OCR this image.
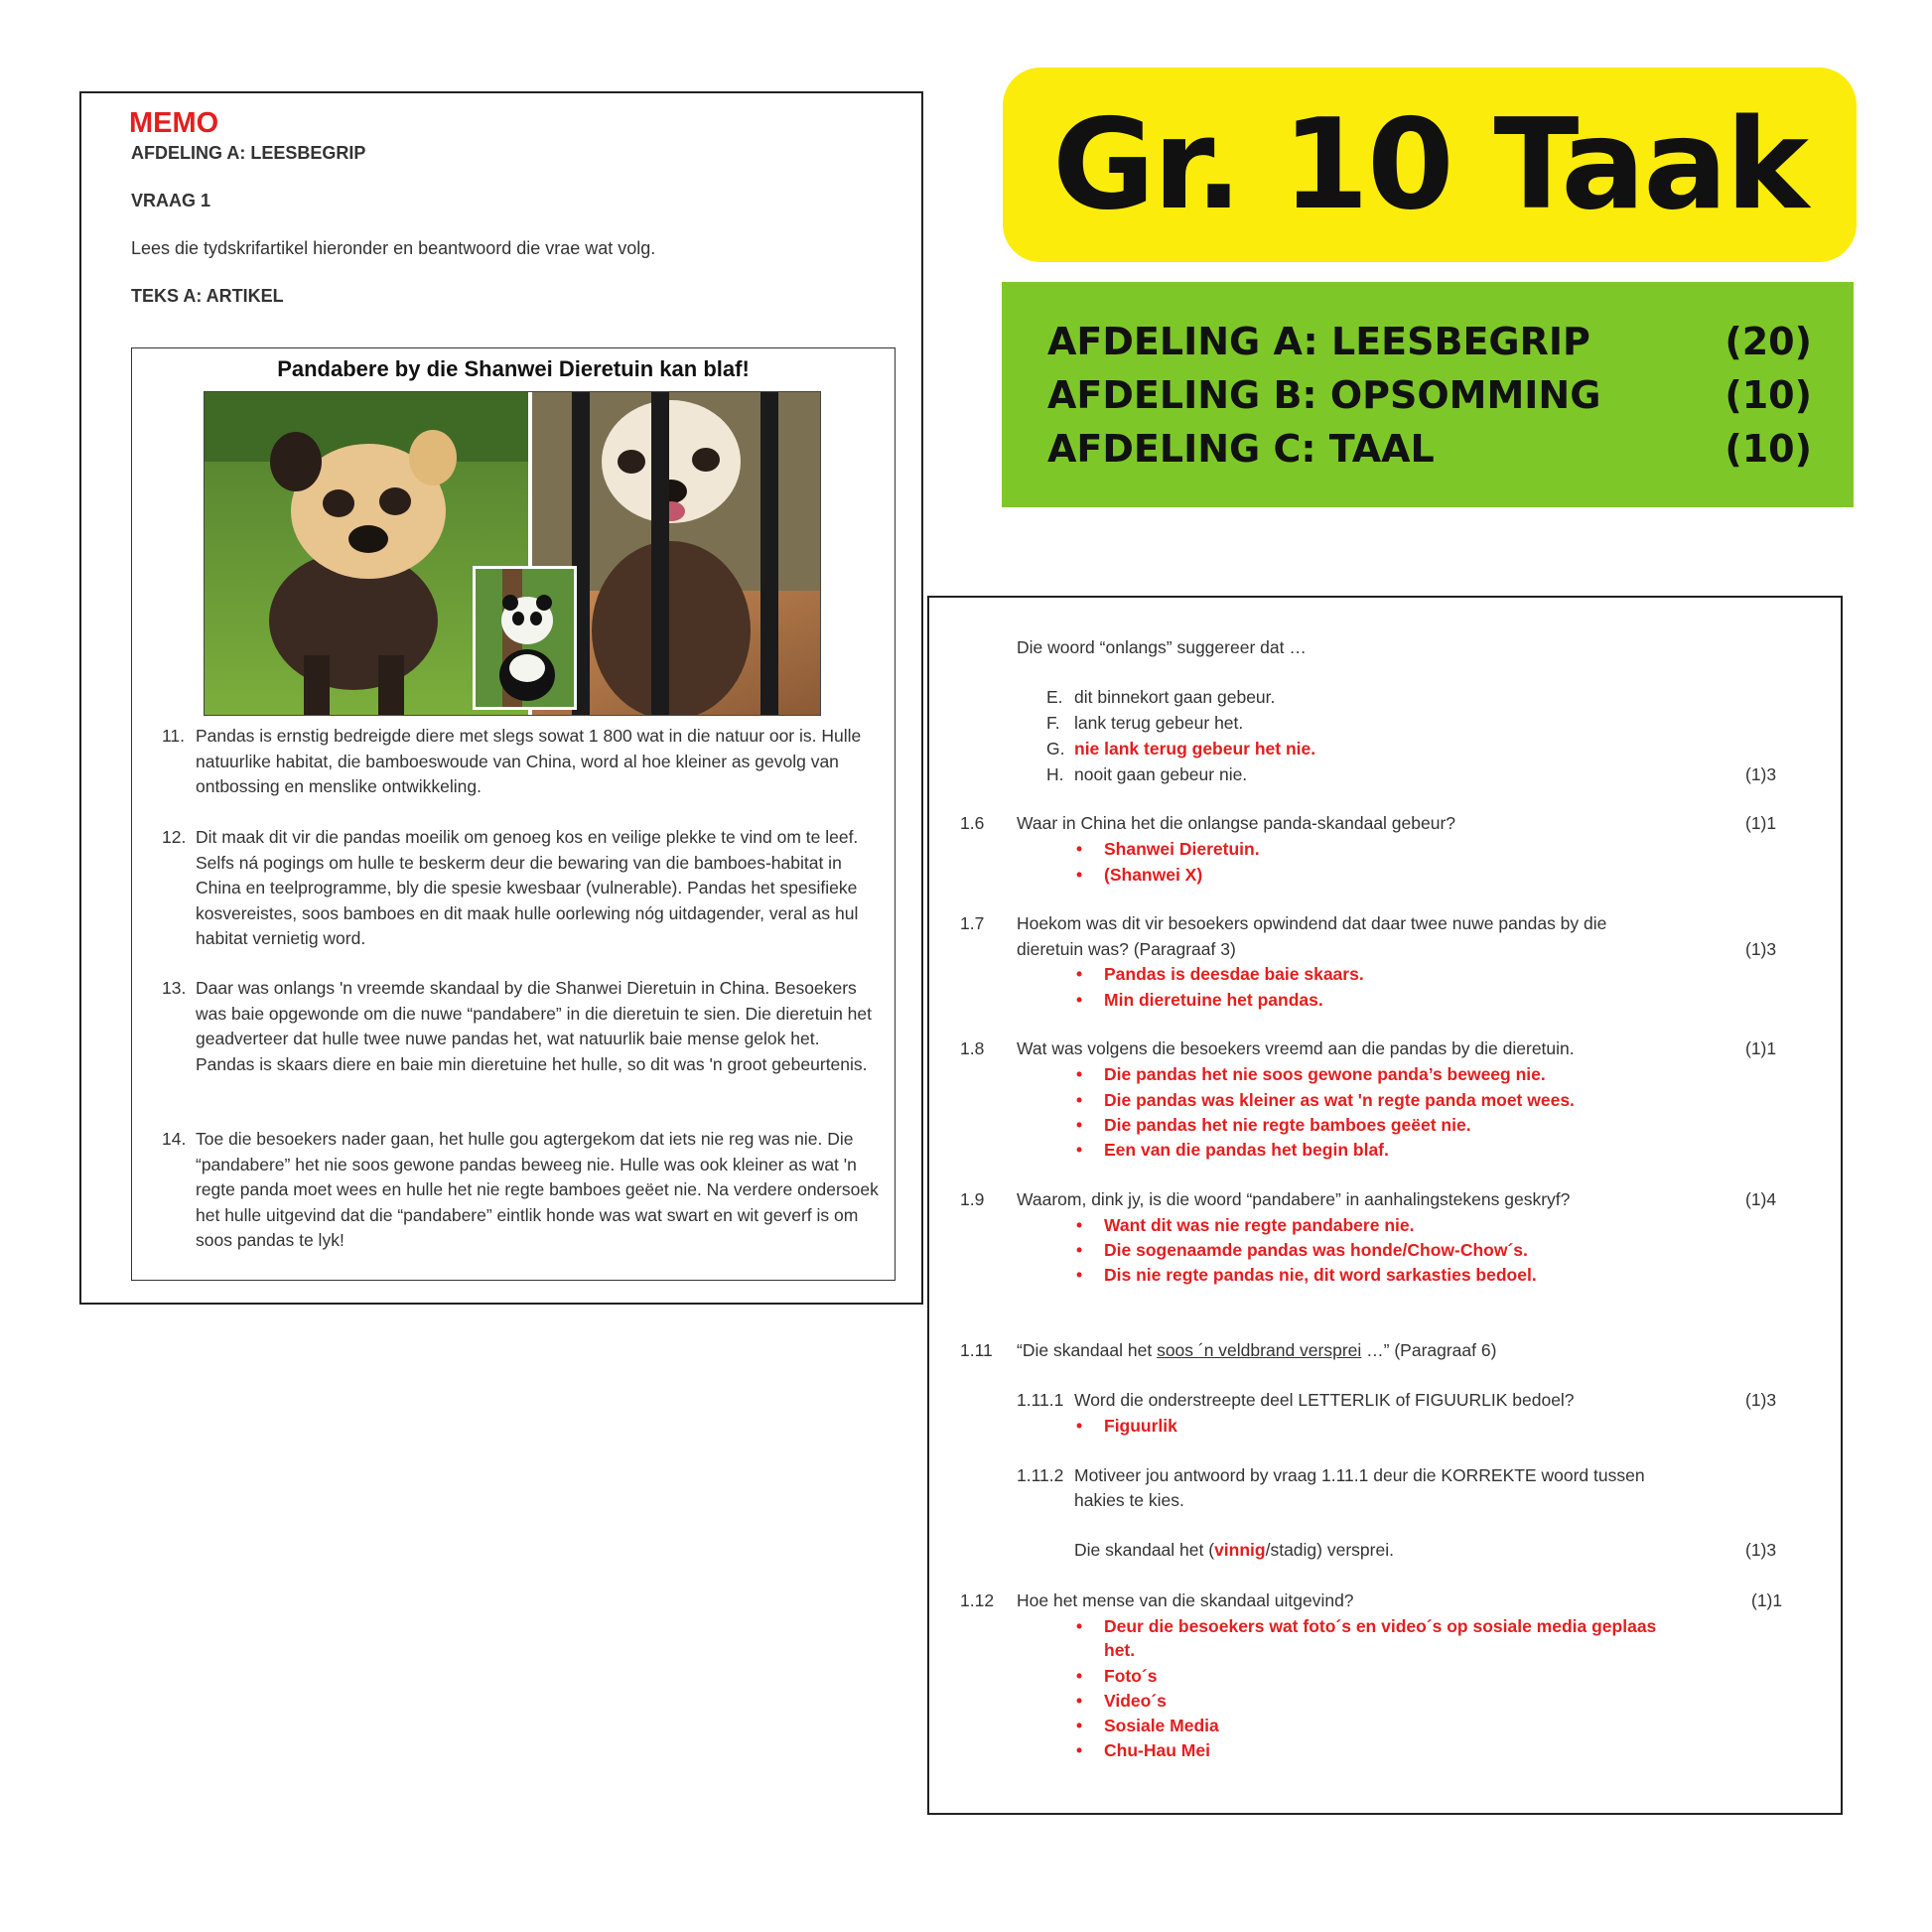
MEMO
AFDELING A: LEESBEGRIP
VRAAG 1
Lees die tydskrifartikel hieronder en beantwoord die vrae wat volg.
TEKS A: ARTIKEL
Pandabere by die Shanwei Dieretuin kan blaf!
11. Pandas is ernstig bedreigde diere met slegs sowat 1 800 wat in die natuur oor is. Hulle natuurlike habitat, die bamboeswoude van China, word al hoe kleiner as gevolg van ontbossing en menslike ontwikkeling.
12. Dit maak dit vir die pandas moeilik om genoeg kos en veilige plekke te vind om te leef. Selfs ná pogings om hulle te beskerm deur die bewaring van die bamboes-habitat in China en teelprogramme, bly die spesie kwesbaar (vulnerable). Pandas het spesifieke kosvereistes, soos bamboes en dit maak hulle oorlewing nóg uitdagender, veral as hul habitat vernietig word.
13. Daar was onlangs 'n vreemde skandaal by die Shanwei Dieretuin in China. Besoekers was baie opgewonde om die nuwe “pandabere” in die dieretuin te sien. Die dieretuin het geadverteer dat hulle twee nuwe pandas het, wat natuurlik baie mense gelok het. Pandas is skaars diere en baie min dieretuine het hulle, so dit was 'n groot gebeurtenis.
14. Toe die besoekers nader gaan, het hulle gou agtergekom dat iets nie reg was nie. Die “pandabere” het nie soos gewone pandas beweeg nie. Hulle was ook kleiner as wat 'n regte panda moet wees en hulle het nie regte bamboes geëet nie. Na verdere ondersoek het hulle uitgevind dat die “pandabere” eintlik honde was wat swart en wit geverf is om soos pandas te lyk!
Gr. 10 Taak
AFDELING A: LEESBEGRIP	(20)
AFDELING B: OPSOMMING	(10)
AFDELING C: TAAL	(10)
Die woord “onlangs” suggereer dat …
E. dit binnekort gaan gebeur.
F. lank terug gebeur het.
G. nie lank terug gebeur het nie.
H. nooit gaan gebeur nie.	(1)3
1.6 Waar in China het die onlangse panda-skandaal gebeur?	(1)1
• Shanwei Dieretuin.
• (Shanwei X)
1.7 Hoekom was dit vir besoekers opwindend dat daar twee nuwe pandas by die
dieretuin was? (Paragraaf 3)	(1)3
• Pandas is deesdae baie skaars.
• Min dieretuine het pandas.
1.8 Wat was volgens die besoekers vreemd aan die pandas by die dieretuin.	(1)1
• Die pandas het nie soos gewone panda’s beweeg nie.
• Die pandas was kleiner as wat 'n regte panda moet wees.
• Die pandas het nie regte bamboes geëet nie.
• Een van die pandas het begin blaf.
1.9 Waarom, dink jy, is die woord “pandabere” in aanhalingstekens geskryf?	(1)4
• Want dit was nie regte pandabere nie.
• Die sogenaamde pandas was honde/Chow-Chow´s.
• Dis nie regte pandas nie, dit word sarkasties bedoel.
1.11 “Die skandaal het soos ´n veldbrand versprei …” (Paragraaf 6)
1.11.1 Word die onderstreepte deel LETTERLIK of FIGUURLIK bedoel?	(1)3
• Figuurlik
1.11.2 Motiveer jou antwoord by vraag 1.11.1 deur die KORREKTE woord tussen
hakies te kies.
Die skandaal het (vinnig/stadig) versprei.	(1)3
1.12 Hoe het mense van die skandaal uitgevind?	(1)1
• Deur die besoekers wat foto´s en video´s op sosiale media geplaas
het.
• Foto´s
• Video´s
• Sosiale Media
• Chu-Hau Mei
